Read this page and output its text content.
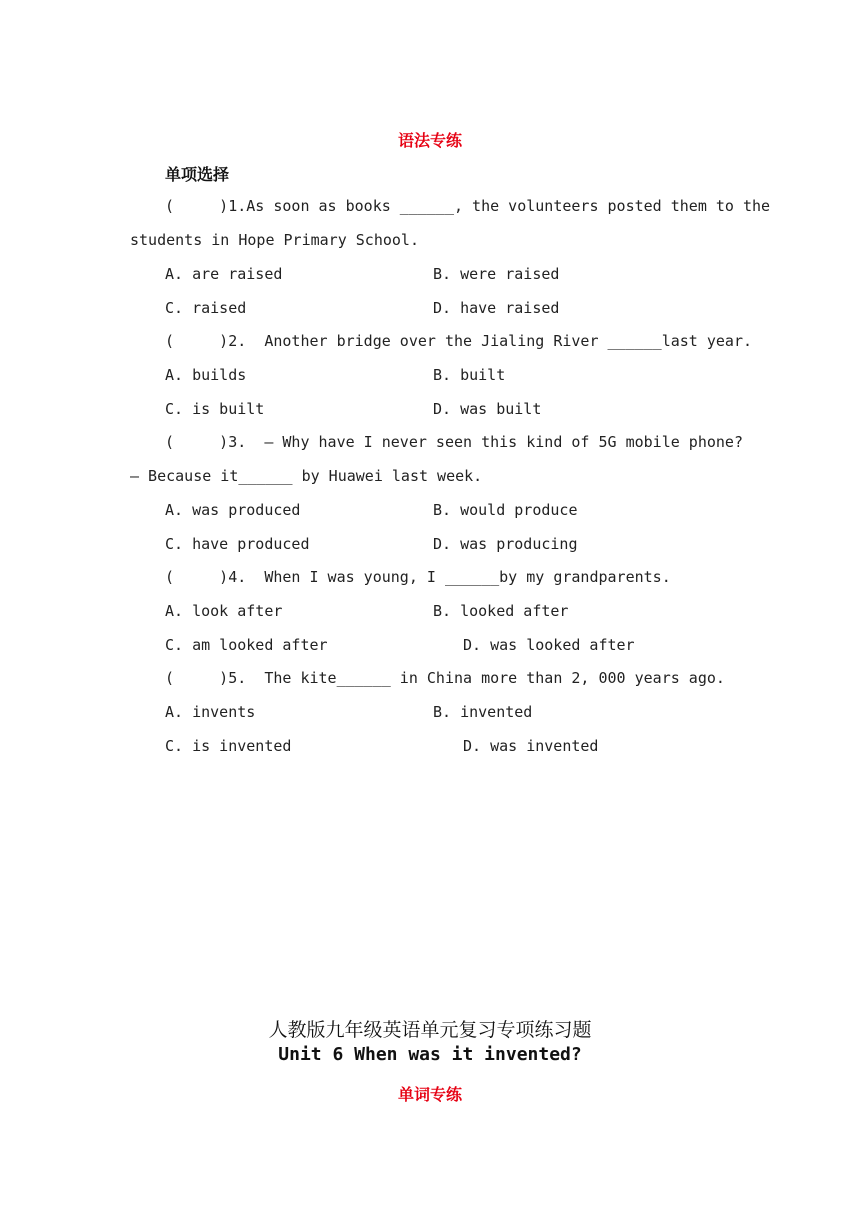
语法专练
单项选择
(     )1.As soon as books ______, the volunteers posted them to the
students in Hope Primary School.
A. are raised	B. were raised
C. raised	D. have raised
(     )2.  Another bridge over the Jialing River ______last year.
A. builds	B. built
C. is built	D. was built
(     )3.  — Why have I never seen this kind of 5G mobile phone?
— Because it______ by Huawei last week.
A. was produced	B. would produce
C. have produced	D. was producing
(     )4.  When I was young, I ______by my grandparents.
A. look after	B. looked after
C. am looked after	D. was looked after
(     )5.  The kite______ in China more than 2, 000 years ago.
A. invents	B. invented
C. is invented	D. was invented
人教版九年级英语单元复习专项练习题
Unit 6 When was it invented?
单词专练
